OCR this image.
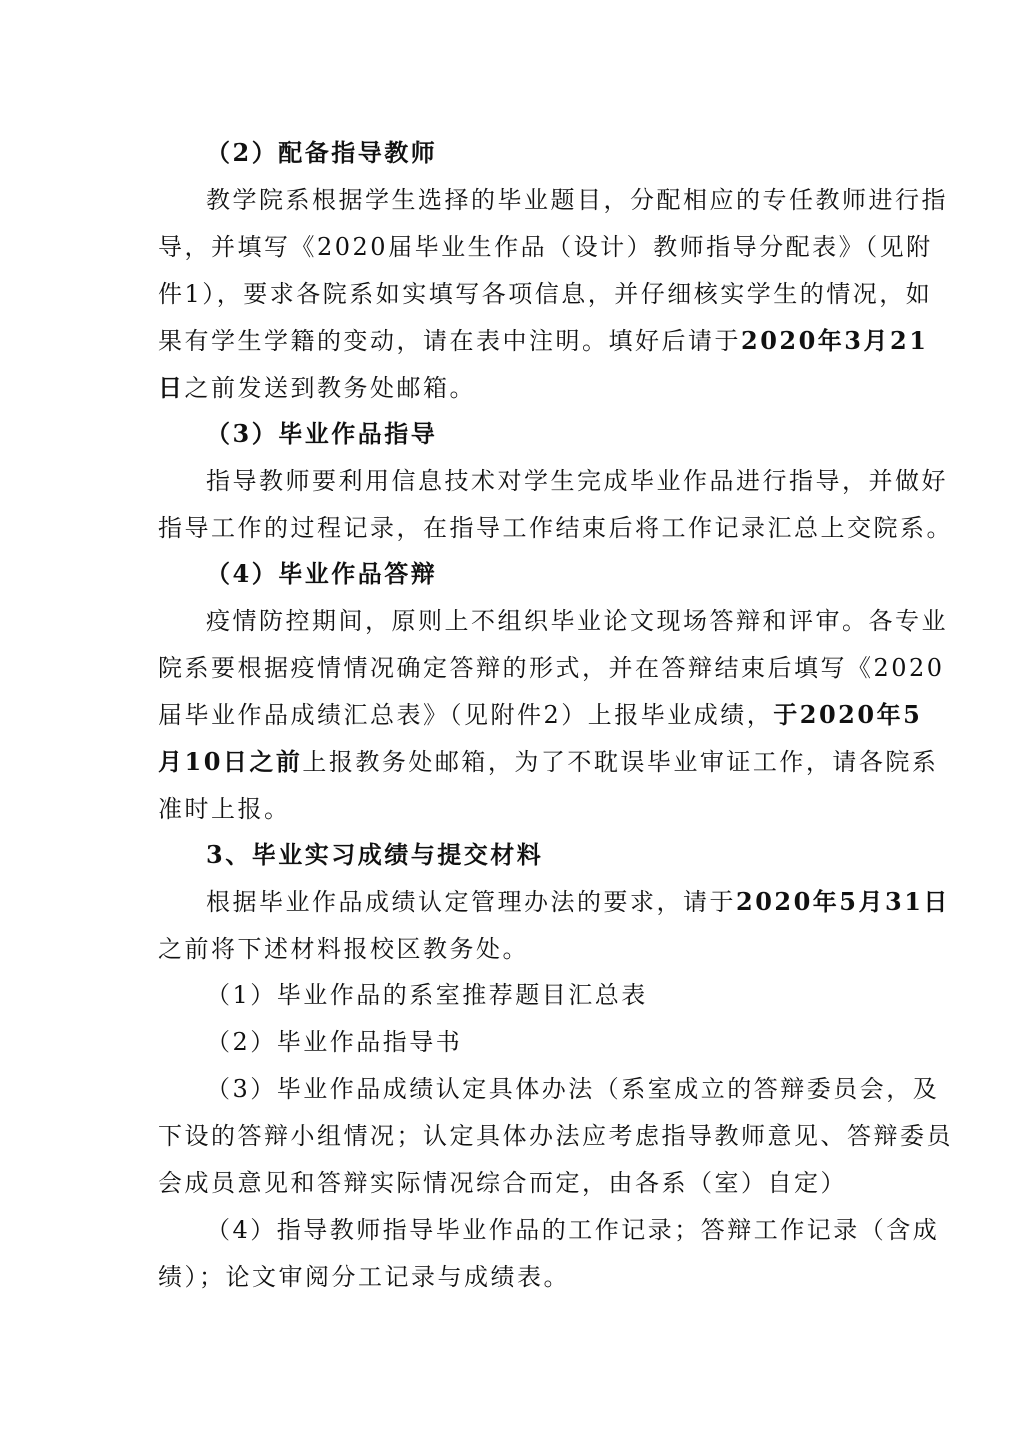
（2）配备指导教师
教学院系根据学生选择的毕业题目，分配相应的专任教师进行指
导，并填写《2020届毕业生作品（设计）教师指导分配表》（见附
件1），要求各院系如实填写各项信息，并仔细核实学生的情况，如
果有学生学籍的变动，请在表中注明。填好后请于2020年3月21
日之前发送到教务处邮箱。
（3）毕业作品指导
指导教师要利用信息技术对学生完成毕业作品进行指导，并做好
指导工作的过程记录，在指导工作结束后将工作记录汇总上交院系。
（4）毕业作品答辩
疫情防控期间，原则上不组织毕业论文现场答辩和评审。各专业
院系要根据疫情情况确定答辩的形式，并在答辩结束后填写《2020
届毕业作品成绩汇总表》（见附件2）上报毕业成绩，于2020年5
月10日之前上报教务处邮箱，为了不耽误毕业审证工作，请各院系
准时上报。
3、毕业实习成绩与提交材料
根据毕业作品成绩认定管理办法的要求，请于2020年5月31日
之前将下述材料报校区教务处。
（1）毕业作品的系室推荐题目汇总表
（2）毕业作品指导书
（3）毕业作品成绩认定具体办法（系室成立的答辩委员会，及
下设的答辩小组情况；认定具体办法应考虑指导教师意见、答辩委员
会成员意见和答辩实际情况综合而定，由各系（室）自定）
（4）指导教师指导毕业作品的工作记录；答辩工作记录（含成
绩）；论文审阅分工记录与成绩表。
